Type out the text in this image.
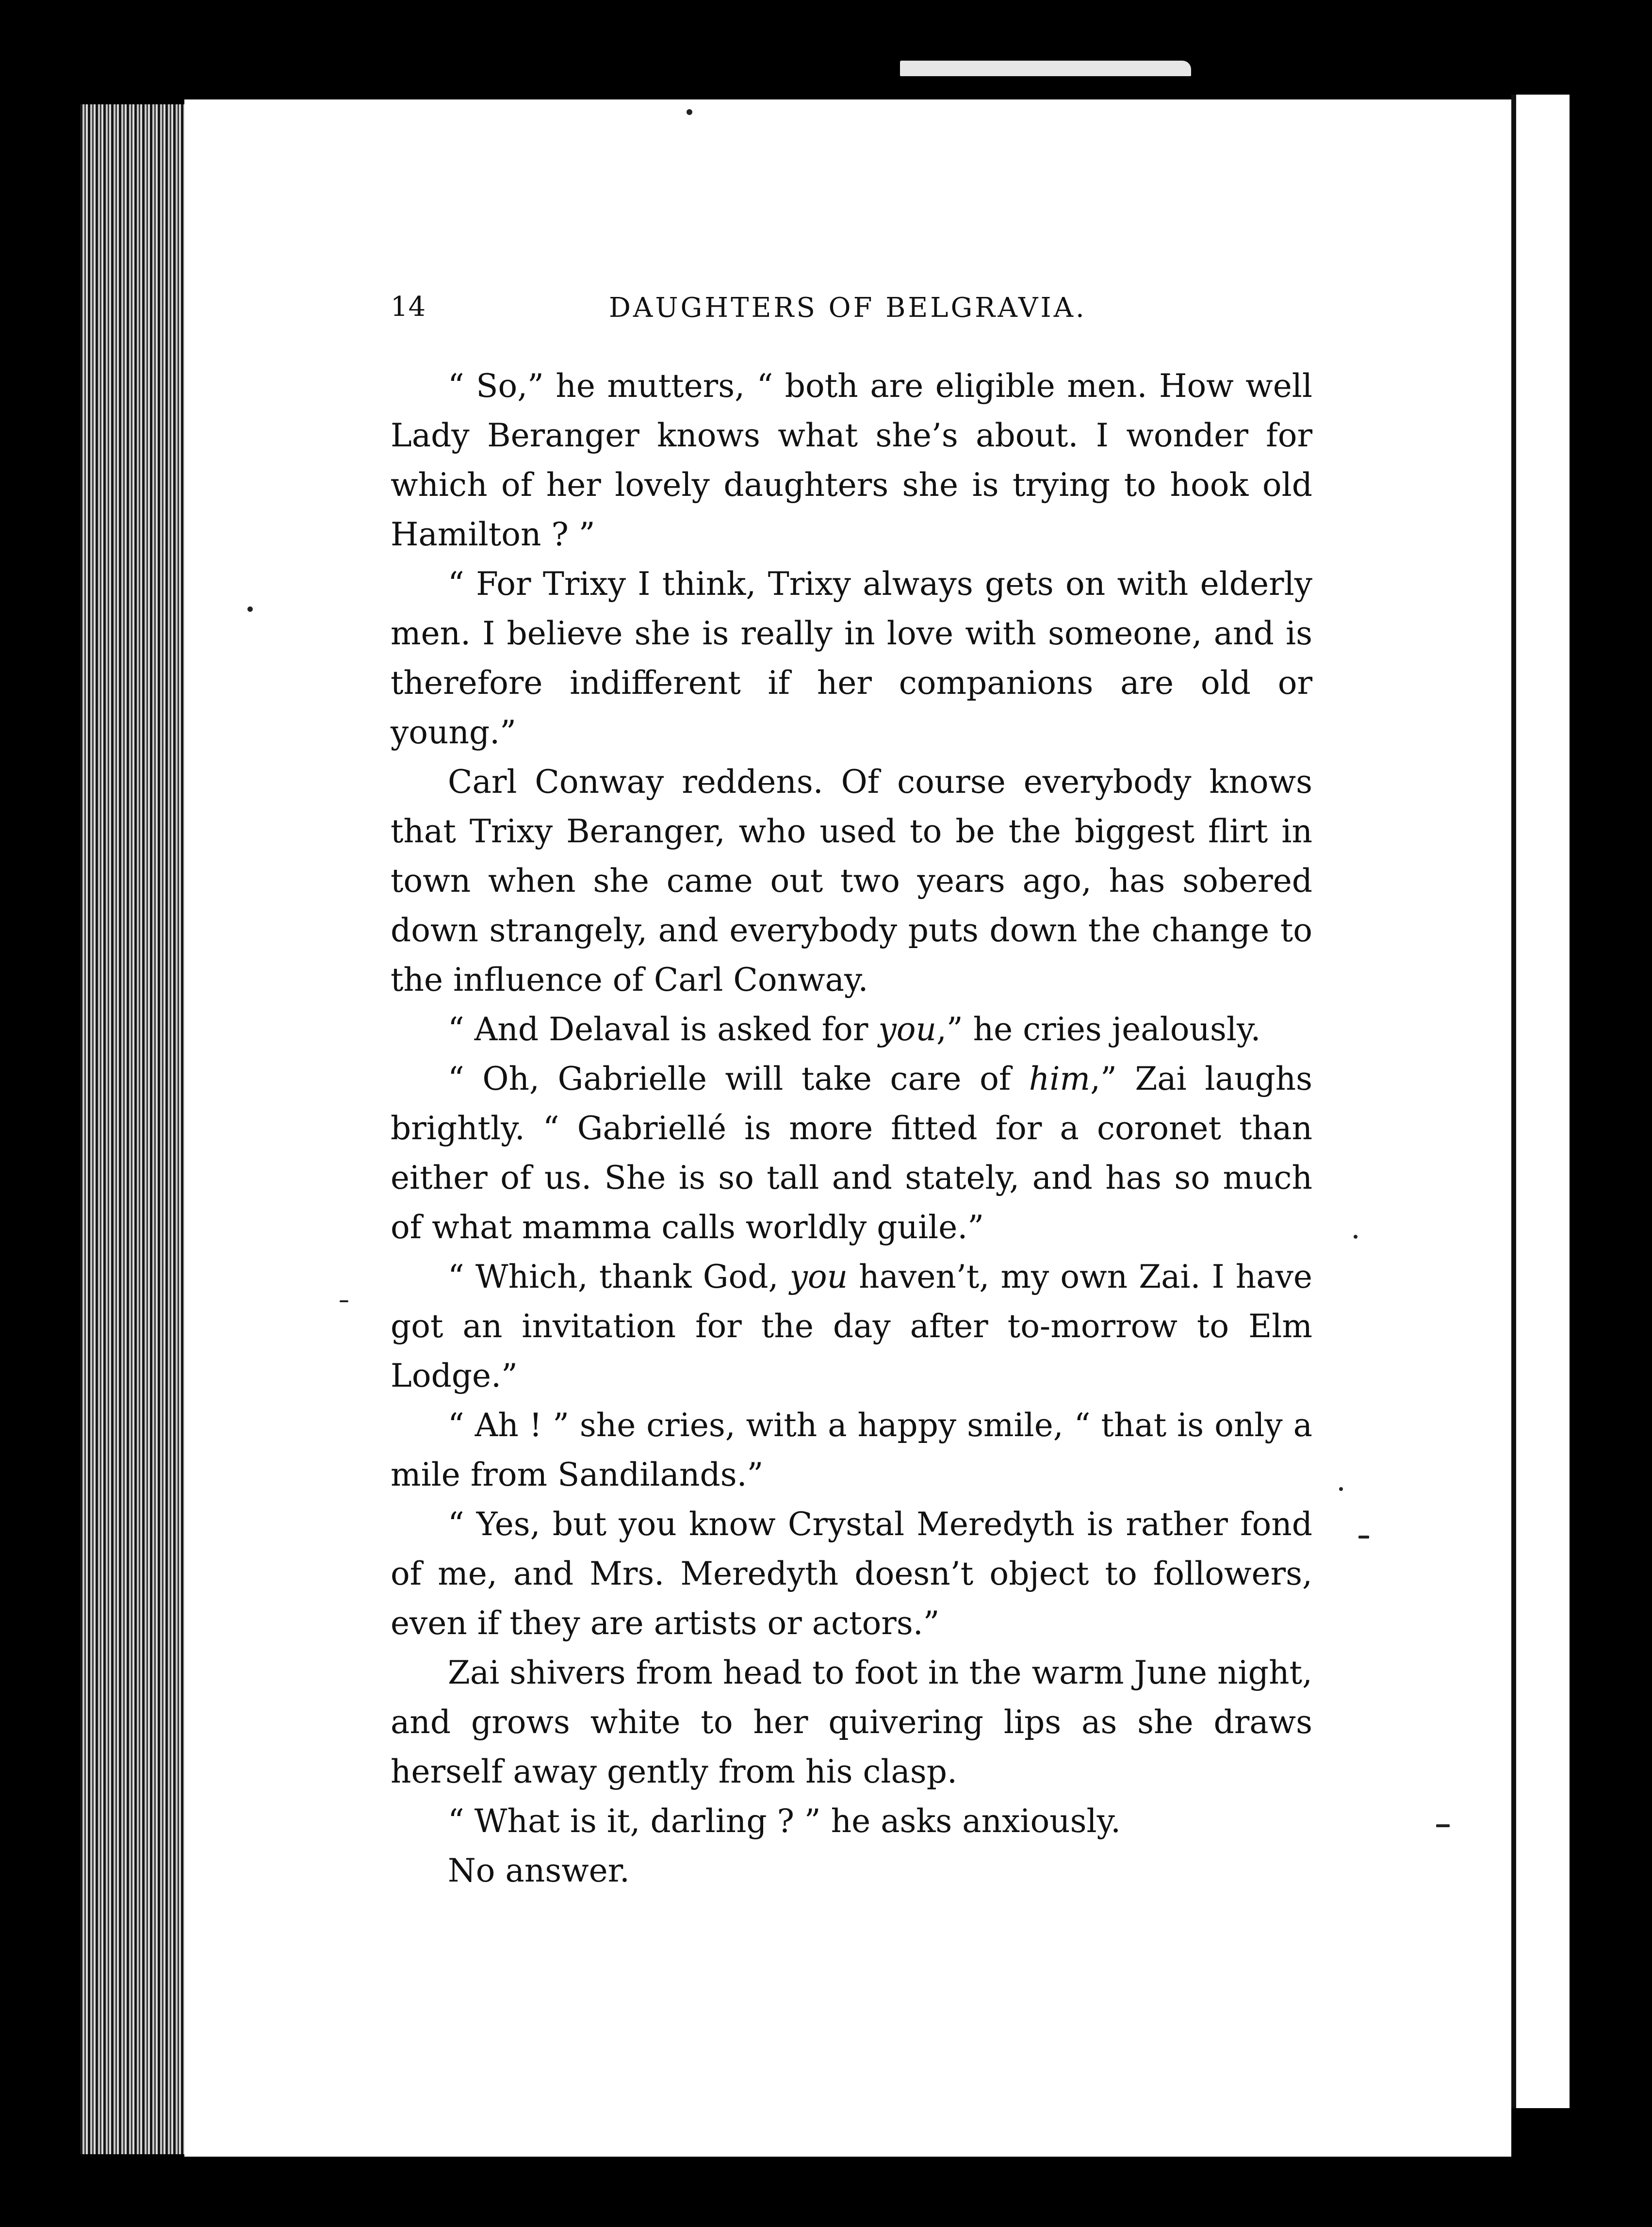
14	DAUGHTERS OF BELGRAVIA.

“ So,” he mutters, “ both are eligible men. How well Lady Beranger knows what she’s about. I wonder for which of her lovely daughters she is trying to hook old Hamilton ? ”

“ For Trixy I think, Trixy always gets on with elderly men. I believe she is really in love with someone, and is therefore indifferent if her companions are old or young.”

Carl Conway reddens. Of course everybody knows that Trixy Beranger, who used to be the biggest flirt in town when she came out two years ago, has sobered down strangely, and everybody puts down the change to the influence of Carl Conway.

“ And Delaval is asked for you,” he cries jealously.

“ Oh, Gabrielle will take care of him,” Zai laughs brightly. “ Gabriellé is more fitted for a coronet than either of us. She is so tall and stately, and has so much of what mamma calls worldly guile.”

“ Which, thank God, you haven’t, my own Zai. I have got an invitation for the day after to-morrow to Elm Lodge.”

“ Ah ! ” she cries, with a happy smile, “ that is only a mile from Sandilands.”

“ Yes, but you know Crystal Meredyth is rather fond of me, and Mrs. Meredyth doesn’t object to followers, even if they are artists or actors.”

Zai shivers from head to foot in the warm June night, and grows white to her quivering lips as she draws herself away gently from his clasp.

“ What is it, darling ? ” he asks anxiously.

No answer.
